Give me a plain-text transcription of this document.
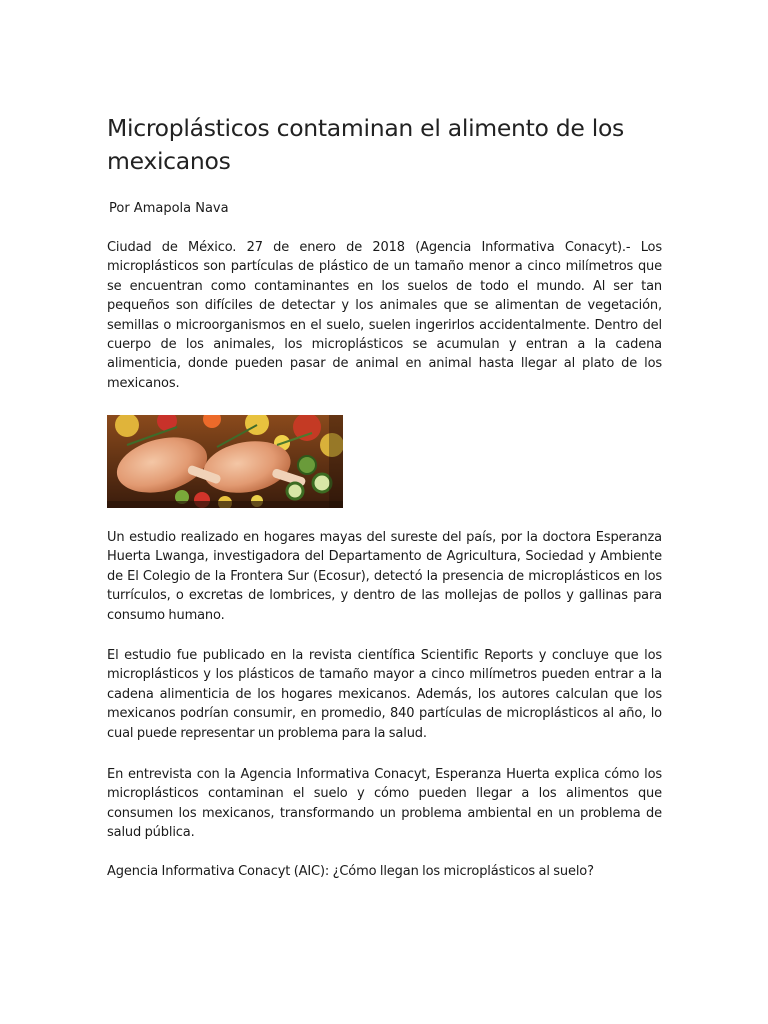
Microplásticos contaminan el alimento de los mexicanos
Por Amapola Nava

Ciudad de México. 27 de enero de 2018 (Agencia Informativa Conacyt).- Los microplásticos son partículas de plástico de un tamaño menor a cinco milímetros que se encuentran como contaminantes en los suelos de todo el mundo. Al ser tan pequeños son difíciles de detectar y los animales que se alimentan de vegetación, semillas o microorganismos en el suelo, suelen ingerirlos accidentalmente. Dentro del cuerpo de los animales, los microplásticos se acumulan y entran a la cadena alimenticia, donde pueden pasar de animal en animal hasta llegar al plato de los mexicanos.

Un estudio realizado en hogares mayas del sureste del país, por la doctora Esperanza Huerta Lwanga, investigadora del Departamento de Agricultura, Sociedad y Ambiente de El Colegio de la Frontera Sur (Ecosur), detectó la presencia de microplásticos en los turrículos, o excretas de lombrices, y dentro de las mollejas de pollos y gallinas para consumo humano.

El estudio fue publicado en la revista científica Scientific Reports y concluye que los microplásticos y los plásticos de tamaño mayor a cinco milímetros pueden entrar a la cadena alimenticia de los hogares mexicanos. Además, los autores calculan que los mexicanos podrían consumir, en promedio, 840 partículas de microplásticos al año, lo cual puede representar un problema para la salud.

En entrevista con la Agencia Informativa Conacyt, Esperanza Huerta explica cómo los microplásticos contaminan el suelo y cómo pueden llegar a los alimentos que consumen los mexicanos, transformando un problema ambiental en un problema de salud pública.

Agencia Informativa Conacyt (AIC): ¿Cómo llegan los microplásticos al suelo?
